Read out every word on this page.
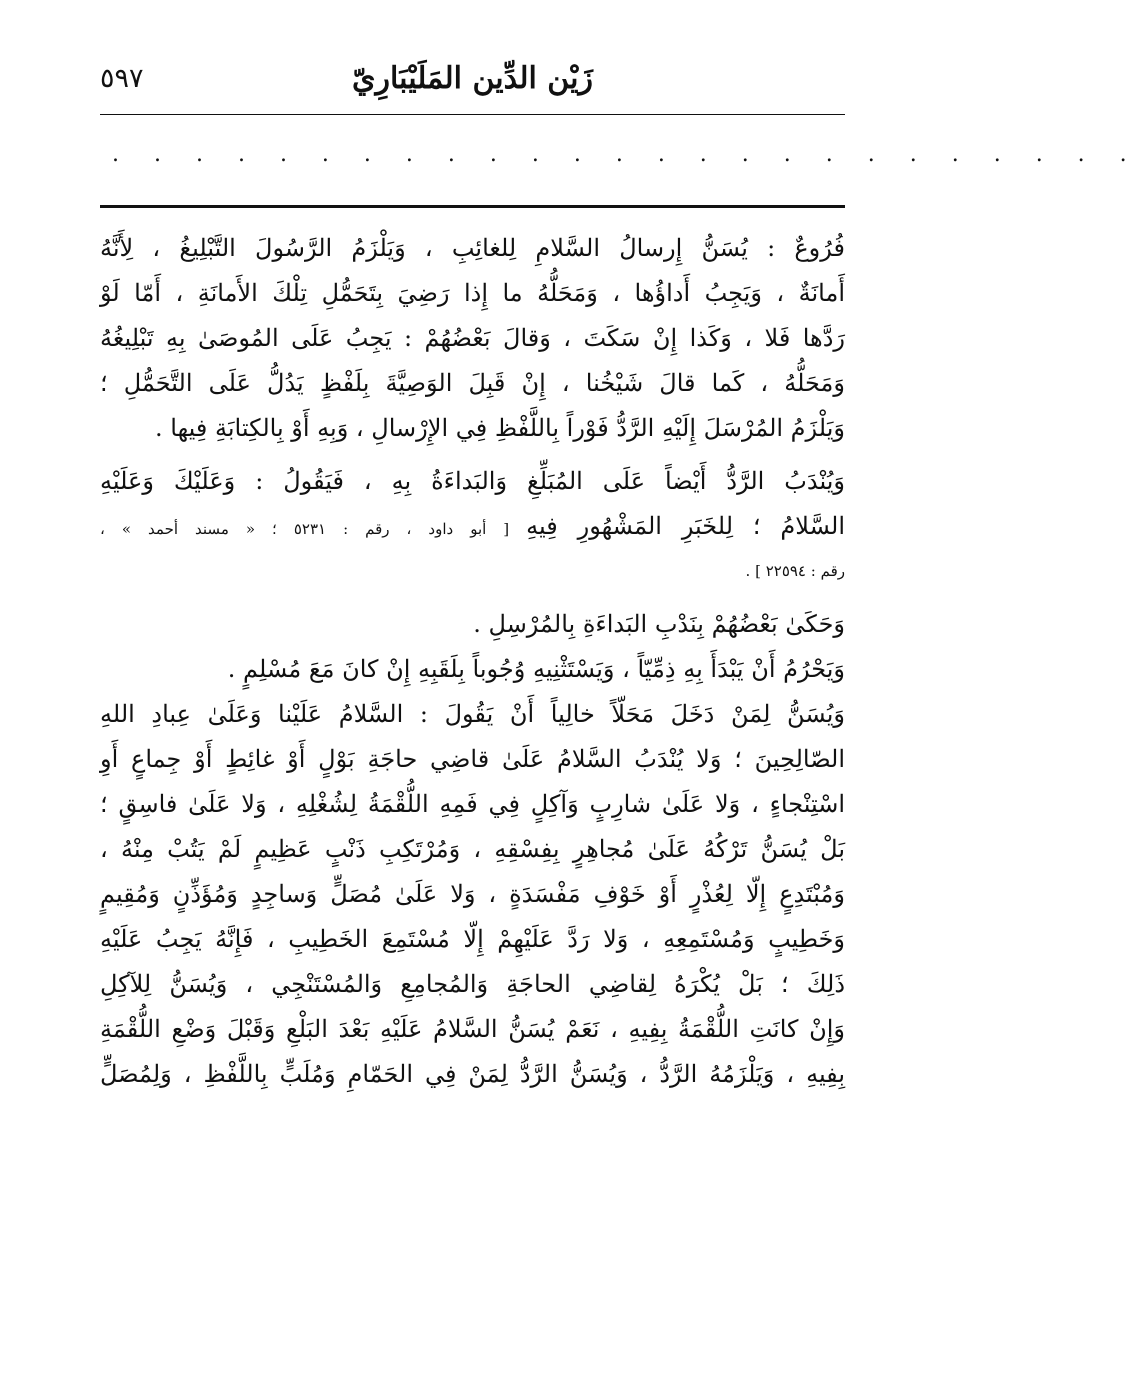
زَيْن الدِّين المَلَيْبَارِيّ
٥٩٧
. . . . . . . . . . . . . . . . . . . . . . . . .
فُرُوعٌ : يُسَنُّ إِرسالُ السَّلامِ لِلغائِبِ ، وَيَلْزَمُ الرَّسُولَ التَّبْلِيغُ ، لِأَنَّهُ
أَمانَةٌ ، وَيَجِبُ أَداؤُها ، وَمَحَلُّهُ ما إِذا رَضِيَ بِتَحَمُّلِ تِلْكَ الأَمانَةِ ، أَمّا لَوْ
رَدَّها فَلا ، وَكَذا إِنْ سَكَتَ ، وَقالَ بَعْضُهُمْ : يَجِبُ عَلَى المُوصَىٰ بِهِ تَبْلِيغُهُ
وَمَحَلُّهُ ، كَما قالَ شَيْخُنا ، إِنْ قَبِلَ الوَصِيَّةَ بِلَفْظٍ يَدُلُّ عَلَى التَّحَمُّلِ ؛
وَيَلْزَمُ المُرْسَلَ إِلَيْهِ الرَّدُّ فَوْراً بِاللَّفْظِ فِي الإِرْسالِ ، وَبِهِ أَوْ بِالكِتابَةِ فِيها .
وَيُنْدَبُ الرَّدُّ أَيْضاً عَلَى المُبَلِّغِ وَالبَداءَةُ بِهِ ، فَيَقُولُ : وَعَلَيْكَ وَعَلَيْهِ
السَّلامُ ؛ لِلخَبَرِ المَشْهُورِ فِيهِ [ أبو داود ، رقم : ٥٢٣١ ؛ « مسند أحمد » ،
رقم : ٢٢٥٩٤ ] .
وَحَكَىٰ بَعْضُهُمْ بِنَدْبِ البَداءَةِ بِالمُرْسِلِ .
وَيَحْرُمُ أَنْ يَبْدَأَ بِهِ ذِمِّيّاً ، وَيَسْتَثْنِيهِ وُجُوباً بِلَقَبِهِ إِنْ كانَ مَعَ مُسْلِمٍ .
وَيُسَنُّ لِمَنْ دَخَلَ مَحَلّاً خالِياً أَنْ يَقُولَ : السَّلامُ عَلَيْنا وَعَلَىٰ عِبادِ اللهِ
الصّالِحِينَ ؛ وَلا يُنْدَبُ السَّلامُ عَلَىٰ قاضِي حاجَةِ بَوْلٍ أَوْ غائِطٍ أَوْ جِماعٍ أَوِ
اسْتِنْجاءٍ ، وَلا عَلَىٰ شارِبٍ وَآكِلٍ فِي فَمِهِ اللُّقْمَةُ لِشُغْلِهِ ، وَلا عَلَىٰ فاسِقٍ ؛
بَلْ يُسَنُّ تَرْكُهُ عَلَىٰ مُجاهِرٍ بِفِسْقِهِ ، وَمُرْتَكِبِ ذَنْبٍ عَظِيمٍ لَمْ يَتُبْ مِنْهُ ،
وَمُبْتَدِعٍ إِلّا لِعُذْرٍ أَوْ خَوْفِ مَفْسَدَةٍ ، وَلا عَلَىٰ مُصَلٍّ وَساجِدٍ وَمُؤَذِّنٍ وَمُقِيمٍ
وَخَطِيبٍ وَمُسْتَمِعِهِ ، وَلا رَدَّ عَلَيْهِمْ إِلّا مُسْتَمِعَ الخَطِيبِ ، فَإِنَّهُ يَجِبُ عَلَيْهِ
ذَلِكَ ؛ بَلْ يُكْرَهُ لِقاضِي الحاجَةِ وَالمُجامِعِ وَالمُسْتَنْجِي ، وَيُسَنُّ لِلآكِلِ
وَإِنْ كانَتِ اللُّقْمَةُ بِفِيهِ ، نَعَمْ يُسَنُّ السَّلامُ عَلَيْهِ بَعْدَ البَلْعِ وَقَبْلَ وَضْعِ اللُّقْمَةِ
بِفِيهِ ، وَيَلْزَمُهُ الرَّدُّ ، وَيُسَنُّ الرَّدُّ لِمَنْ فِي الحَمّامِ وَمُلَبٍّ بِاللَّفْظِ ، وَلِمُصَلٍّ
